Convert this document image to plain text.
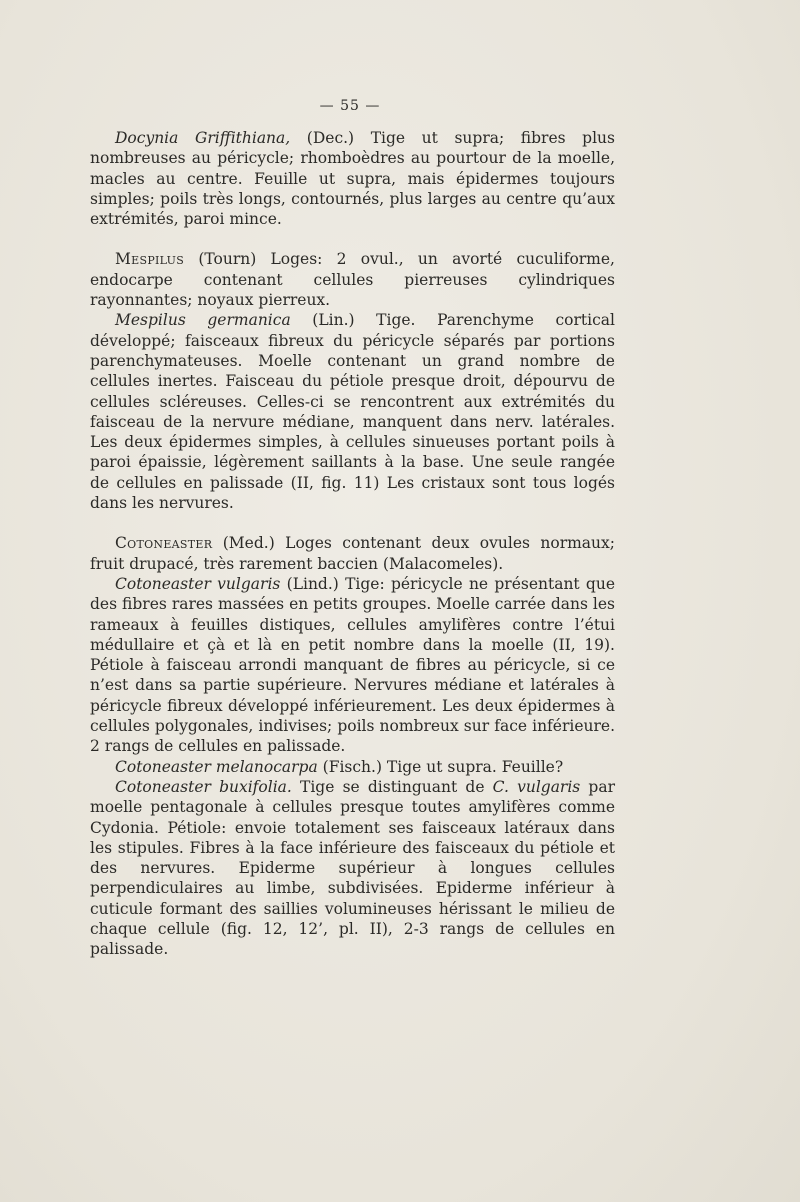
— 55 —

Docynia Griffithiana, (Dec.) Tige ut supra; fibres plus nombreuses au péricycle; rhomboèdres au pourtour de la moelle, macles au centre. Feuille ut supra, mais épidermes toujours simples; poils très longs, contournés, plus larges au centre qu’aux extrémités, paroi mince.

Mespilus (Tourn) Loges: 2 ovul., un avorté cuculiforme, endocarpe contenant cellules pierreuses cylindriques rayonnantes; noyaux pierreux.

Mespilus germanica (Lin.) Tige. Parenchyme cortical développé; faisceaux fibreux du péricycle séparés par portions parenchymateuses. Moelle contenant un grand nombre de cellules inertes. Faisceau du pétiole presque droit, dépourvu de cellules scléreuses. Celles-ci se rencontrent aux extrémités du faisceau de la nervure médiane, manquent dans nerv. latérales. Les deux épidermes simples, à cellules sinueuses portant poils à paroi épaissie, légèrement saillants à la base. Une seule rangée de cellules en palissade (II, fig. 11) Les cristaux sont tous logés dans les nervures.

Cotoneaster (Med.) Loges contenant deux ovules normaux; fruit drupacé, très rarement baccien (Malacomeles).

Cotoneaster vulgaris (Lind.) Tige: péricycle ne présentant que des fibres rares massées en petits groupes. Moelle carrée dans les rameaux à feuilles distiques, cellules amylifères contre l’étui médullaire et çà et là en petit nombre dans la moelle (II, 19). Pétiole à faisceau arrondi manquant de fibres au péricycle, si ce n’est dans sa partie supérieure. Nervures médiane et latérales à péricycle fibreux développé inférieurement. Les deux épidermes à cellules polygonales, indivises; poils nombreux sur face inférieure. 2 rangs de cellules en palissade.

Cotoneaster melanocarpa (Fisch.) Tige ut supra. Feuille?

Cotoneaster buxifolia. Tige se distinguant de C. vulgaris par moelle pentagonale à cellules presque toutes amylifères comme Cydonia. Pétiole: envoie totalement ses faisceaux latéraux dans les stipules. Fibres à la face inférieure des faisceaux du pétiole et des nervures. Epiderme supérieur à longues cellules perpendiculaires au limbe, subdivisées. Epiderme inférieur à cuticule formant des saillies volumineuses hérissant le milieu de chaque cellule (fig. 12, 12’, pl. II), 2-3 rangs de cellules en palissade.
